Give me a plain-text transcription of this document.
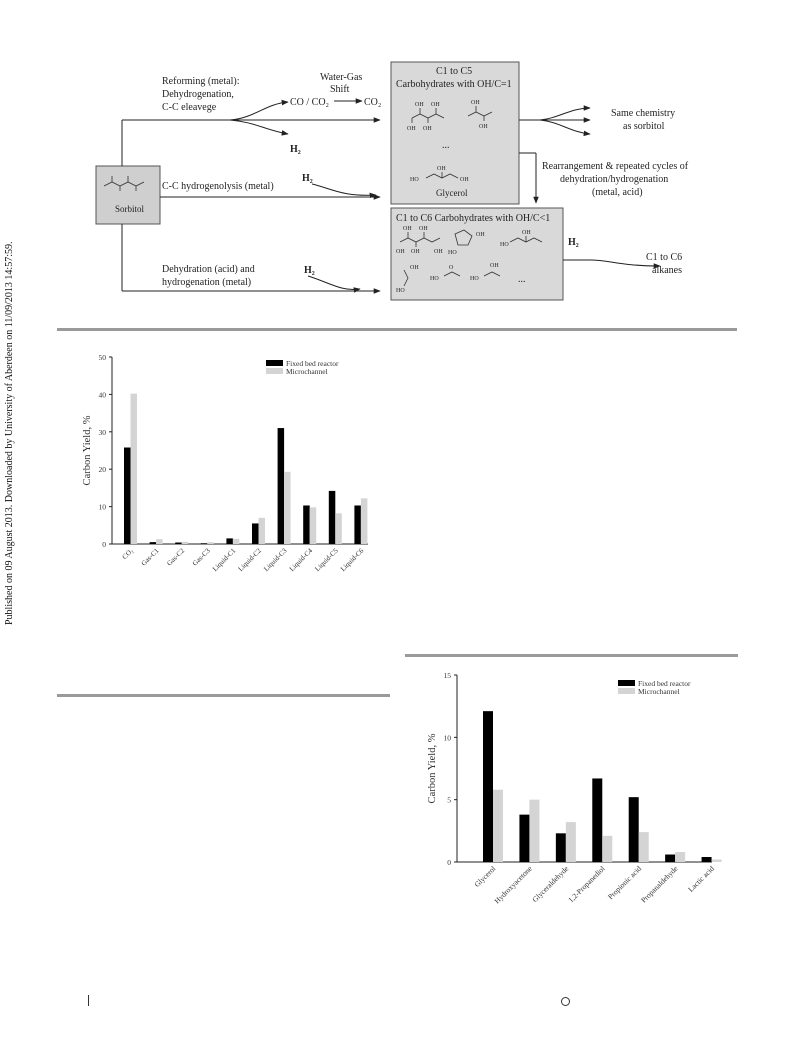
Published on 09 August 2013. Downloaded by University of Aberdeen on 11/09/2013 14:57:59.
Sorbitol
Reforming (metal):
Dehydrogenation,
C-C eleavege	CO / CO₂
Water-Gas
Shift
CO₂
H₂
C-C hydrogenolysis (metal)
H₂
Dehydration (acid) and
hydrogenation (metal)
H₂
C1 to C5
Carbohydrates with OH/C=1
OH OH
OH OH
OH
OH
OH
HO	OH
...
Glycerol
Same chemistry
as sorbitol
Rearrangement & repeated cycles of
dehydration/hydrogenation
(metal, acid)
C1 to C6 Carbohydrates with OH/C<1
OH OH
OH OH OH
OH
HO
OH
HO
OH
HO
HO
O	OH
HO	...
H₂
C1 to C6
alkanes
0
10
20
30
40
50
Carbon Yield, %
CO₂ Gas-C1 Gas-C2 Gas-C3 Liquid-C1 Liquid-C2 Liquid-C3 Liquid-C4 Liquid-C5 Liquid-C6
Fixed bed reactor
Microchannel
0
5
10
15
Carbon Yield, %
Glycerol
Hydroxyacetone
Glyceraldehyde
1,2-Propanediol Propionic acid
Propanaldehyde Lactic acid
Fixed bed reactor
Microchannel
